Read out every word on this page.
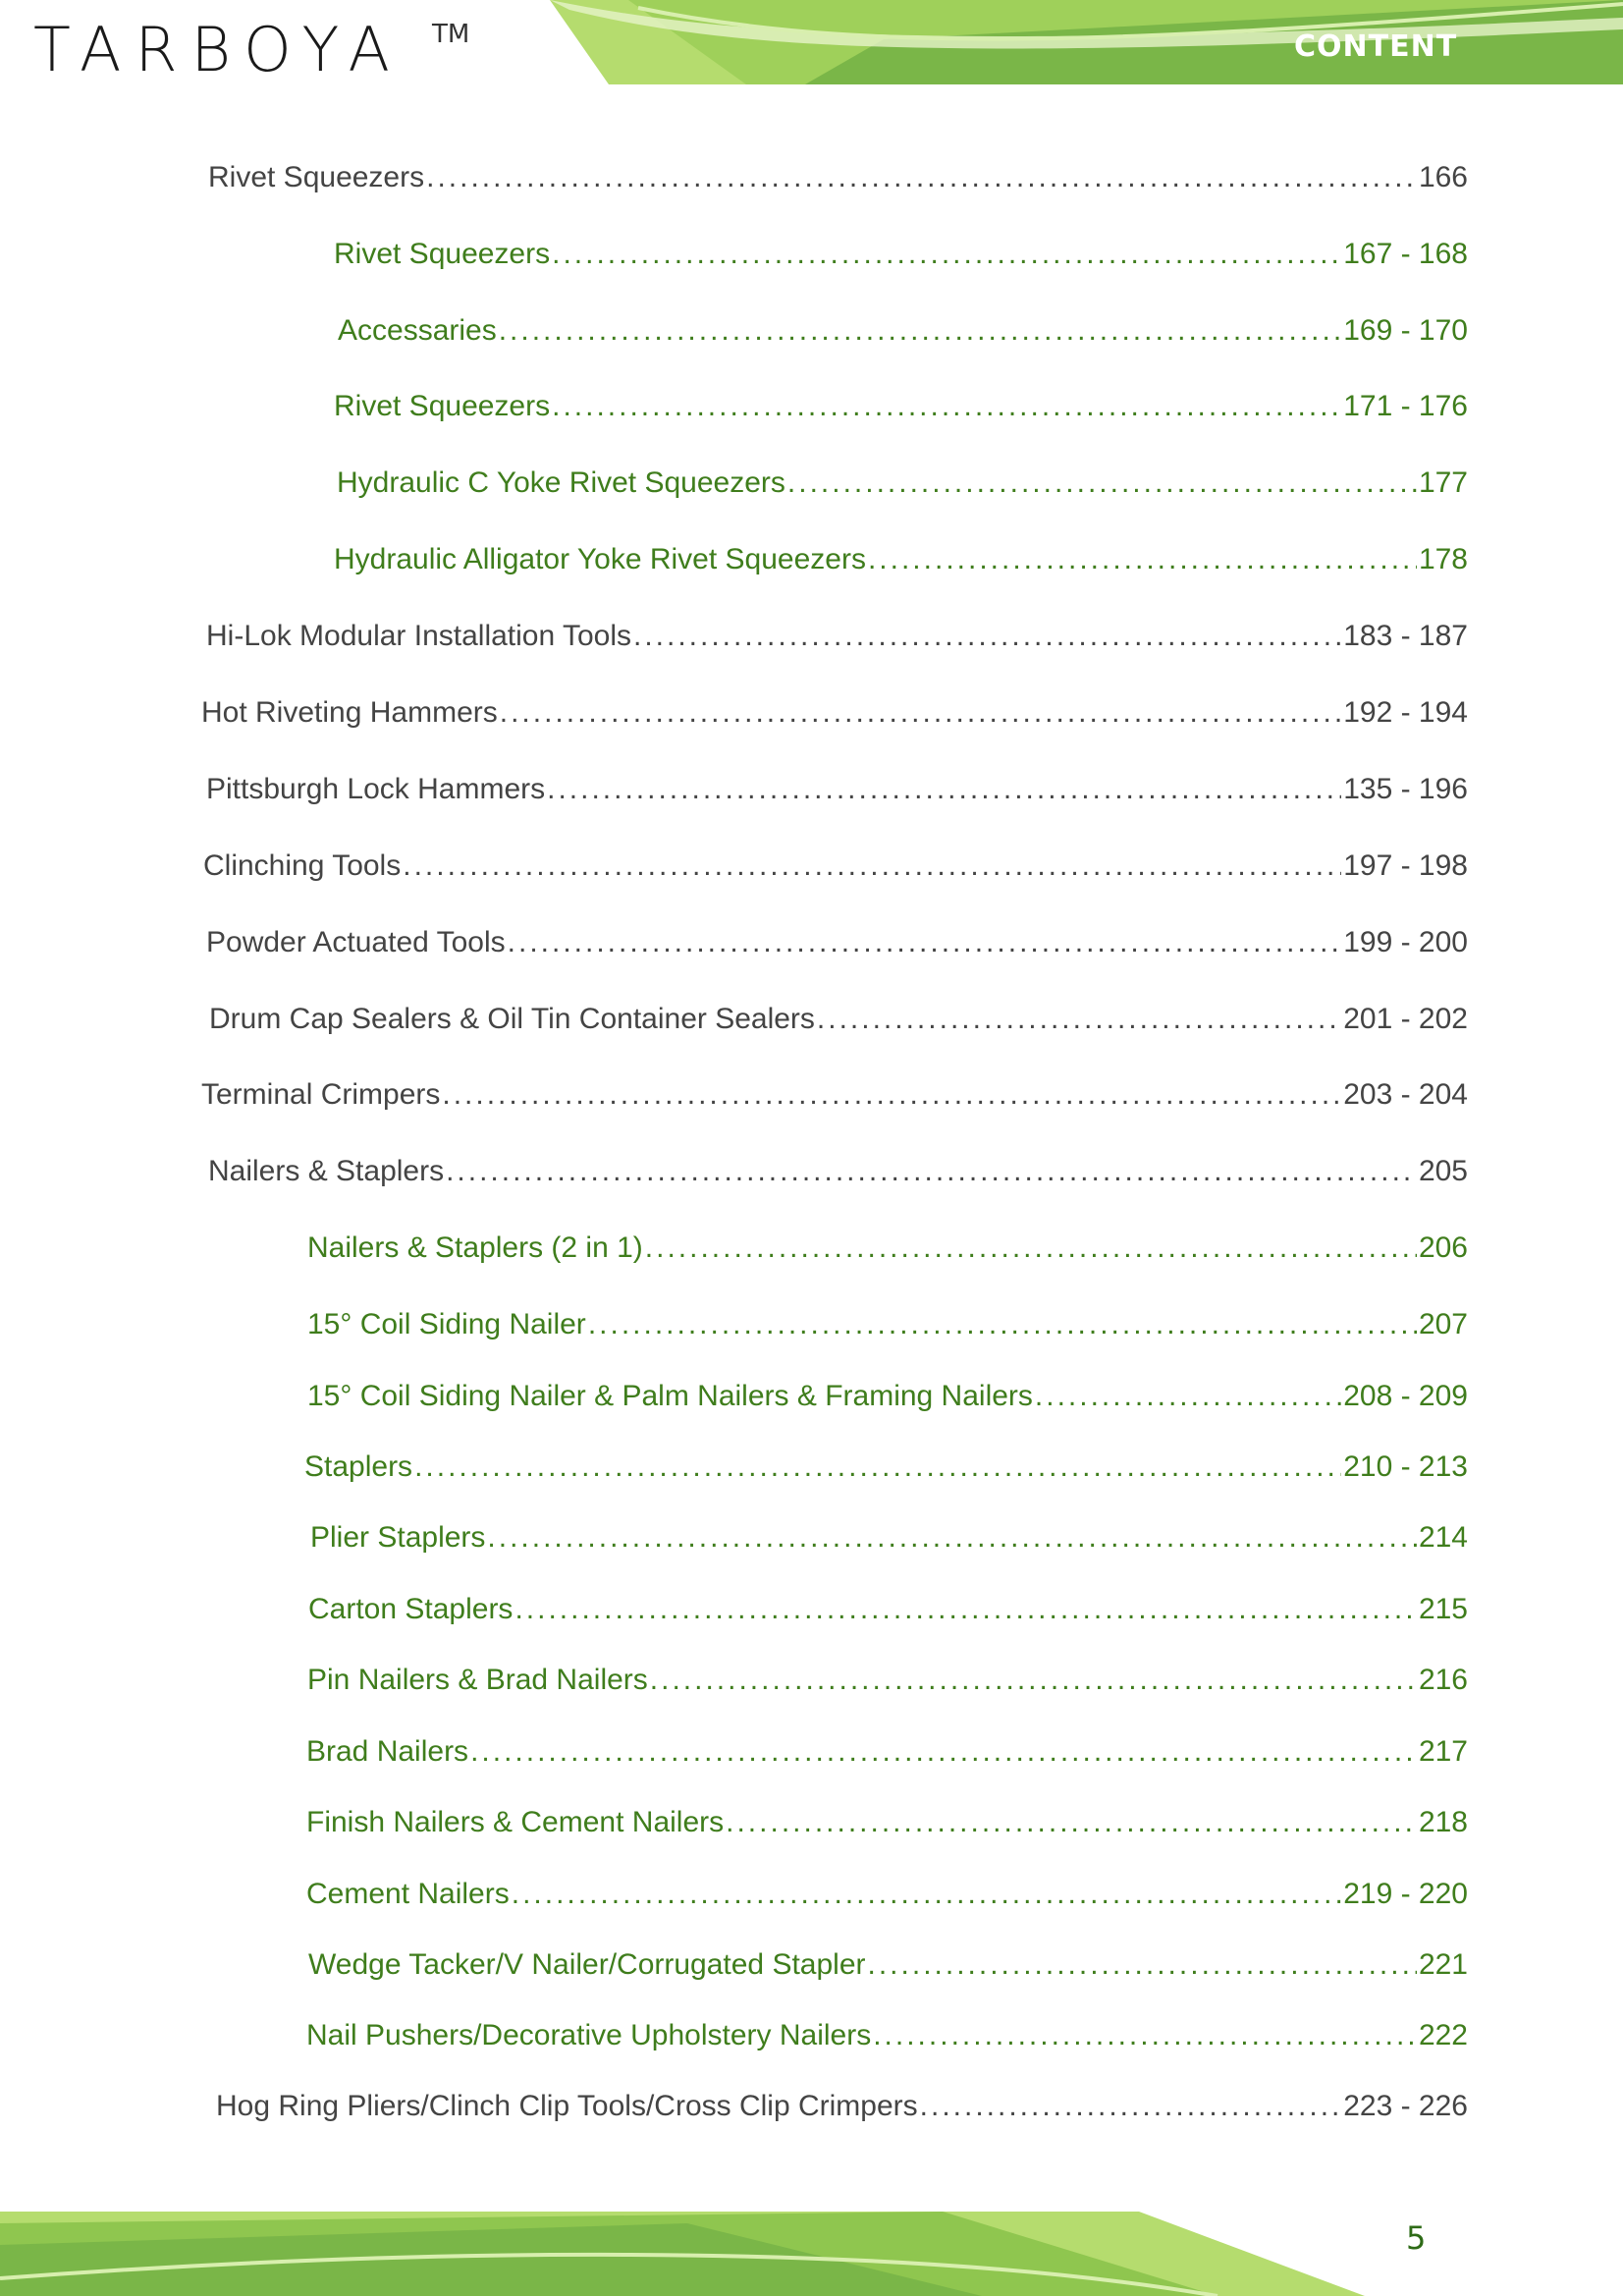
TARBOYA TM	CONTENT
Rivet Squeezers .....	166
Rivet Squeezers .....	167 - 168
Accessaries .....	169 - 170
Rivet Squeezers .....	171 - 176
Hydraulic C Yoke Rivet Squeezers .....	177
Hydraulic Alligator Yoke Rivet Squeezers .....	178
Hi-Lok Modular Installation Tools .....	183 - 187
Hot Riveting Hammers .....	192 - 194
Pittsburgh Lock Hammers .....	135 - 196
Clinching Tools .....	197 - 198
Powder Actuated Tools .....	199 - 200
Drum Cap Sealers & Oil Tin Container Sealers .....	201 - 202
Terminal Crimpers .....	203 - 204
Nailers & Staplers .....	205
Nailers & Staplers (2 in 1) .....	206
15° Coil Siding Nailer .....	207
15° Coil Siding Nailer & Palm Nailers & Framing Nailers .....	208 - 209
Staplers .....	210 - 213
Plier Staplers .....	214
Carton Staplers .....	215
Pin Nailers & Brad Nailers .....	216
Brad Nailers .....	217
Finish Nailers & Cement Nailers .....	218
Cement Nailers .....	219 - 220
Wedge Tacker/V Nailer/Corrugated Stapler .....	221
Nail Pushers/Decorative Upholstery Nailers .....	222
Hog Ring Pliers/Clinch Clip Tools/Cross Clip Crimpers .....	223 - 226
5
